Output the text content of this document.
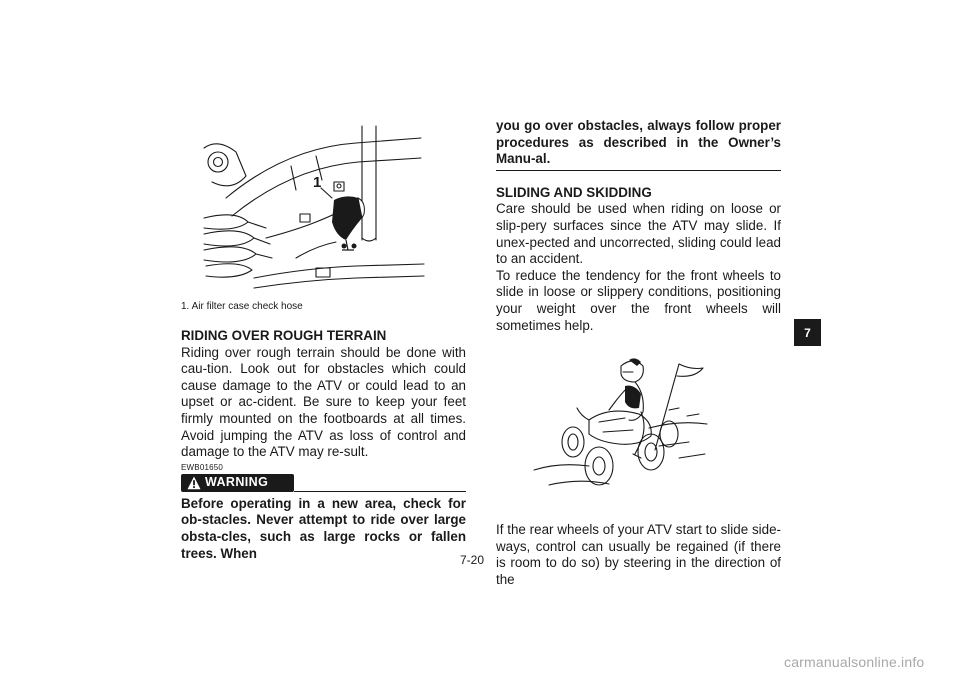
1
1. Air filter case check hose
RIDING OVER ROUGH TERRAIN

Riding over rough terrain should be done with cau-tion. Look out for obstacles which could cause damage to the ATV or could lead to an upset or ac-cident. Be sure to keep your feet firmly mounted on the footboards at all times. Avoid jumping the ATV as loss of control and damage to the ATV may re-sult.

EWB01650
WARNING

Before operating in a new area, check for ob-stacles. Never attempt to ride over large obsta-cles, such as large rocks or fallen trees. When

you go over obstacles, always follow proper procedures as described in the Owner’s Manu-al.

SLIDING AND SKIDDING

Care should be used when riding on loose or slip-pery surfaces since the ATV may slide. If unex-pected and uncorrected, sliding could lead to an accident.

To reduce the tendency for the front wheels to slide in loose or slippery conditions, positioning your weight over the front wheels will sometimes help.

If the rear wheels of your ATV start to slide side-ways, control can usually be regained (if there is room to do so) by steering in the direction of the

7-20
7
carmanualsonline.info
